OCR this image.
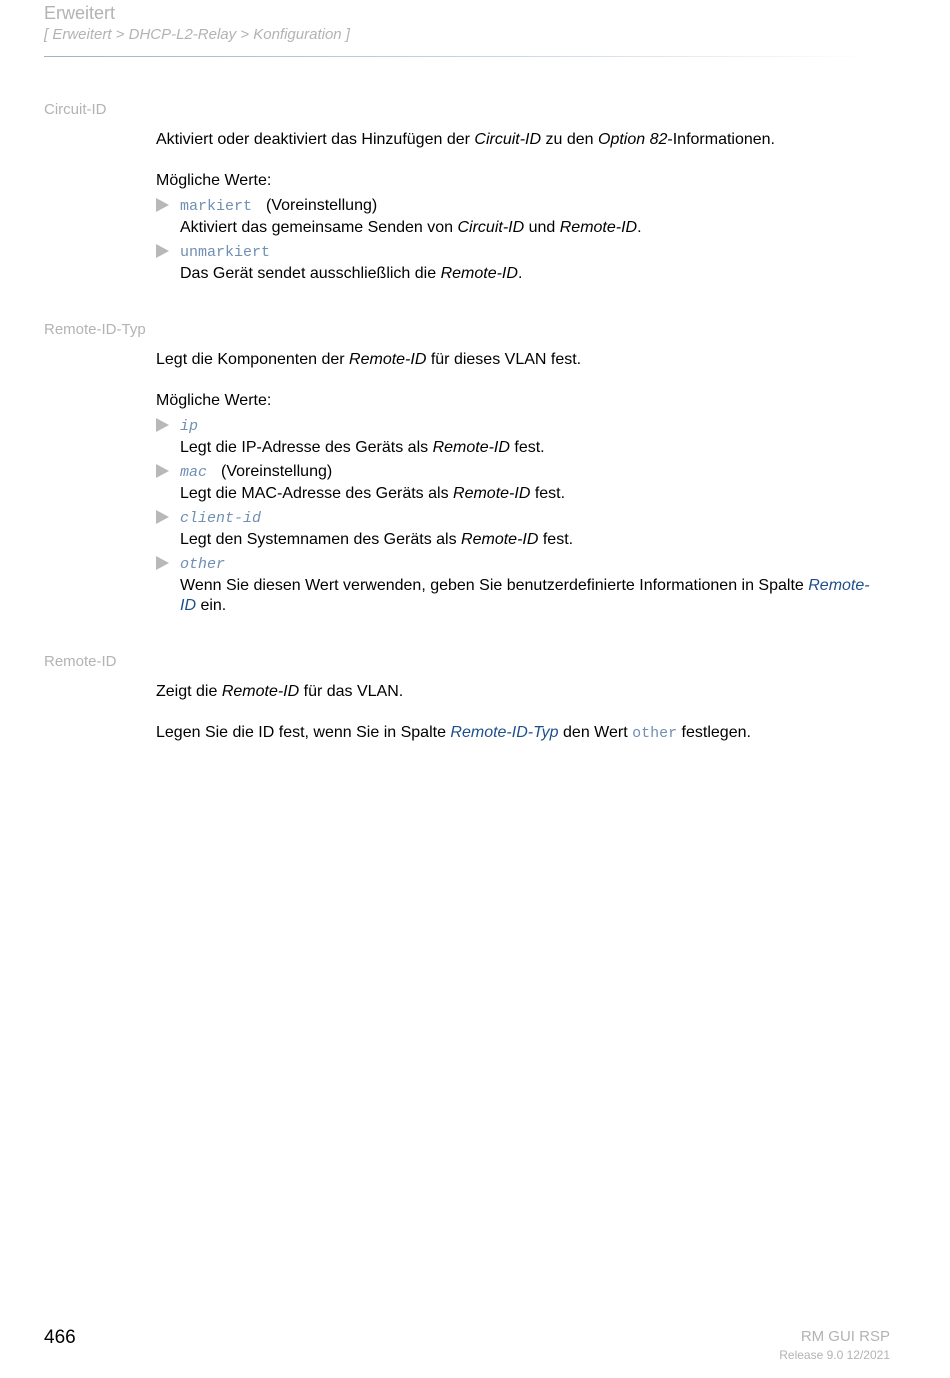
Erweitert
[ Erweitert > DHCP-L2-Relay > Konfiguration ]
Circuit-ID
Aktiviert oder deaktiviert das Hinzufügen der Circuit-ID zu den Option 82-Informationen.
Mögliche Werte:
markiert (Voreinstellung)
Aktiviert das gemeinsame Senden von Circuit-ID und Remote-ID.
unmarkiert
Das Gerät sendet ausschließlich die Remote-ID.
Remote-ID-Typ
Legt die Komponenten der Remote-ID für dieses VLAN fest.
Mögliche Werte:
ip
Legt die IP-Adresse des Geräts als Remote-ID fest.
mac (Voreinstellung)
Legt die MAC-Adresse des Geräts als Remote-ID fest.
client-id
Legt den Systemnamen des Geräts als Remote-ID fest.
other
Wenn Sie diesen Wert verwenden, geben Sie benutzerdefinierte Informationen in Spalte Remote-ID ein.
Remote-ID
Zeigt die Remote-ID für das VLAN.
Legen Sie die ID fest, wenn Sie in Spalte Remote-ID-Typ den Wert other festlegen.
466	RM GUI RSP
Release 9.0 12/2021
